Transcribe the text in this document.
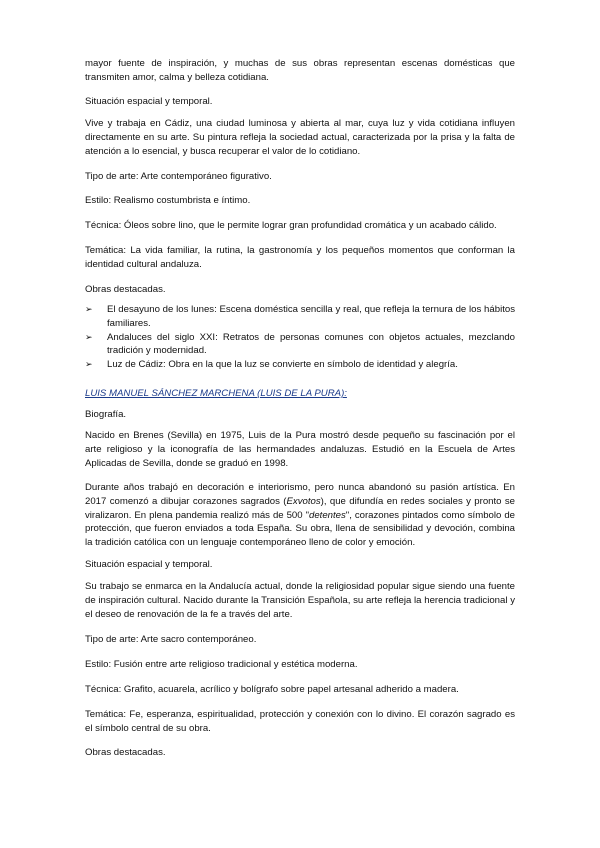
mayor fuente de inspiración, y muchas de sus obras representan escenas domésticas que transmiten amor, calma y belleza cotidiana.

Situación espacial y temporal.

Vive y trabaja en Cádiz, una ciudad luminosa y abierta al mar, cuya luz y vida cotidiana influyen directamente en su arte. Su pintura refleja la sociedad actual, caracterizada por la prisa y la falta de atención a lo esencial, y busca recuperar el valor de lo cotidiano.

Tipo de arte: Arte contemporáneo figurativo.

Estilo: Realismo costumbrista e íntimo.

Técnica: Óleos sobre lino, que le permite lograr gran profundidad cromática y un acabado cálido.

Temática: La vida familiar, la rutina, la gastronomía y los pequeños momentos que conforman la identidad cultural andaluza.

Obras destacadas.

➢ El desayuno de los lunes: Escena doméstica sencilla y real, que refleja la ternura de los hábitos familiares.
➢ Andaluces del siglo XXI: Retratos de personas comunes con objetos actuales, mezclando tradición y modernidad.
➢ Luz de Cádiz: Obra en la que la luz se convierte en símbolo de identidad y alegría.

LUIS MANUEL SÁNCHEZ MARCHENA (LUIS DE LA PURA):

Biografía.

Nacido en Brenes (Sevilla) en 1975, Luis de la Pura mostró desde pequeño su fascinación por el arte religioso y la iconografía de las hermandades andaluzas. Estudió en la Escuela de Artes Aplicadas de Sevilla, donde se graduó en 1998.

Durante años trabajó en decoración e interiorismo, pero nunca abandonó su pasión artística. En 2017 comenzó a dibujar corazones sagrados (Exvotos), que difundía en redes sociales y pronto se viralizaron. En plena pandemia realizó más de 500 "detentes", corazones pintados como símbolo de protección, que fueron enviados a toda España. Su obra, llena de sensibilidad y devoción, combina la tradición católica con un lenguaje contemporáneo lleno de color y emoción.

Situación espacial y temporal.

Su trabajo se enmarca en la Andalucía actual, donde la religiosidad popular sigue siendo una fuente de inspiración cultural. Nacido durante la Transición Española, su arte refleja la herencia tradicional y el deseo de renovación de la fe a través del arte.

Tipo de arte: Arte sacro contemporáneo.

Estilo: Fusión entre arte religioso tradicional y estética moderna.

Técnica: Grafito, acuarela, acrílico y bolígrafo sobre papel artesanal adherido a madera.

Temática: Fe, esperanza, espiritualidad, protección y conexión con lo divino. El corazón sagrado es el símbolo central de su obra.

Obras destacadas.
